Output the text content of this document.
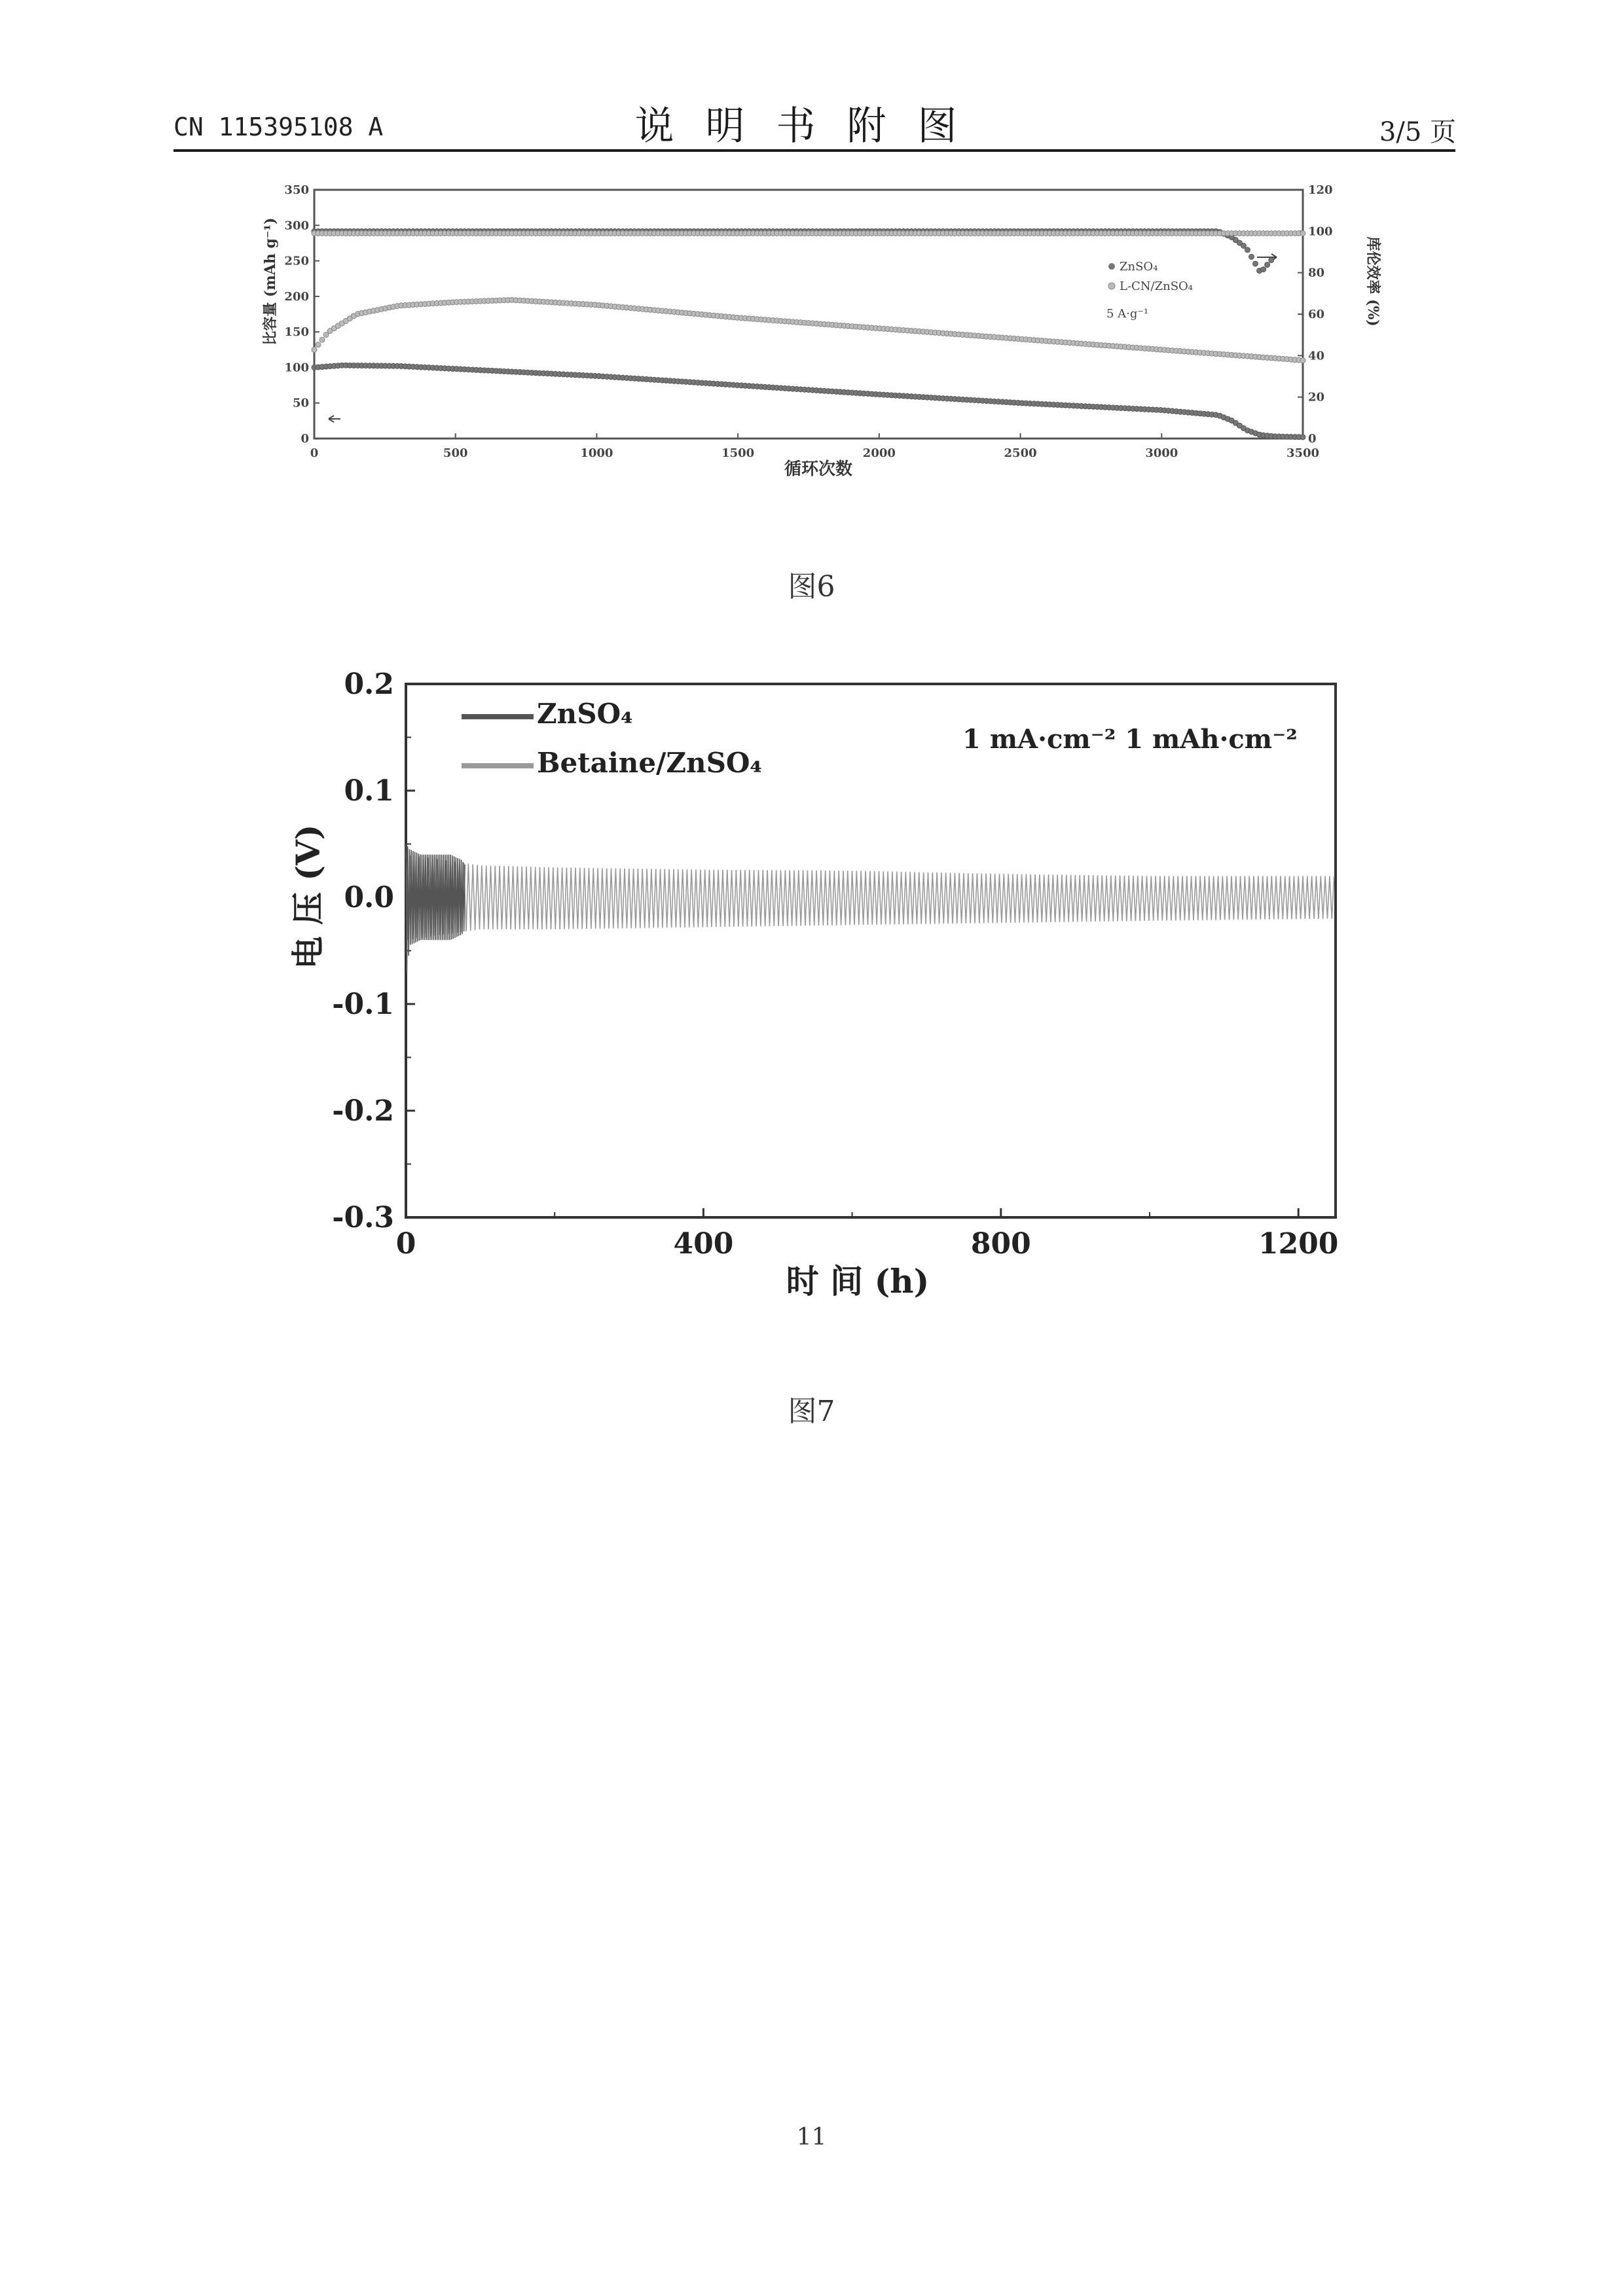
CN 115395108 A	说明书附图	3/5 页
0	500	1000	1500	2000	2500	3000	3500
0
50
100
150
200
250
300
350
0
20
40
60
80
100
120
循环次数
比容量 (mAh g⁻¹)	库伦效率 (%)
ZnSO₄
L-CN/ZnSO₄
5 A·g⁻¹
图6
0	400	800	1200
0.2
0.1
0.0
-0.1
-0.2
-0.3
时 间 (h)
电 压 (V)
ZnSO₄
Betaine/ZnSO₄
1 mA·cm⁻² 1 mAh·cm⁻²
图7
11
